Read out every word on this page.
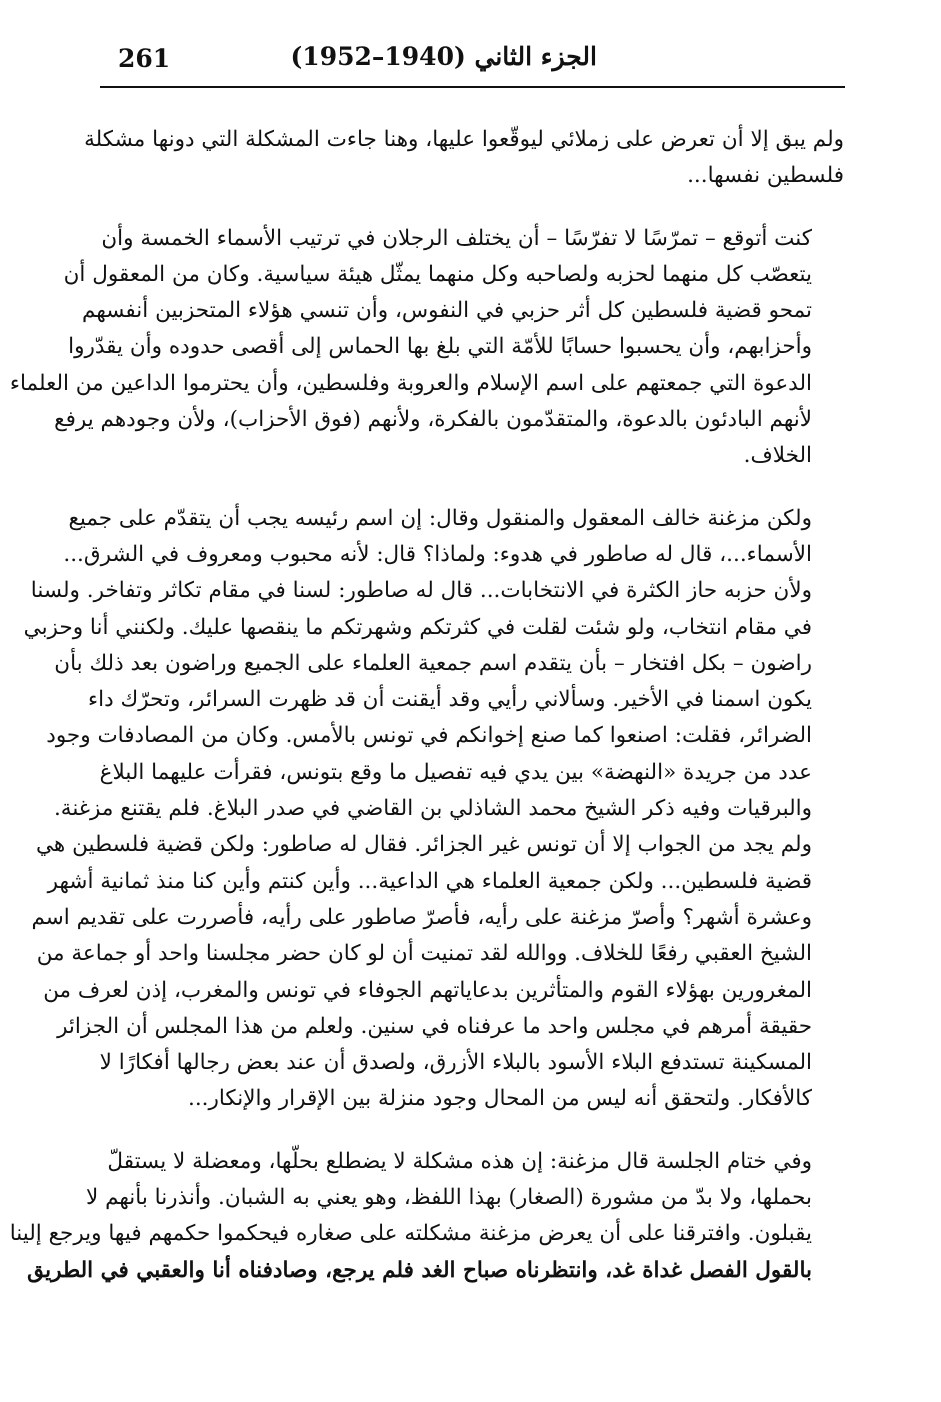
261	الجزء الثاني (1940–1952)

ولم يبق إلا أن تعرض على زملائي ليوقّعوا عليها، وهنا جاءت المشكلة التي دونها مشكلة
فلسطين نفسها...

كنت أتوقع – تمرّسًا لا تفرّسًا – أن يختلف الرجلان في ترتيب الأسماء الخمسة وأن
يتعصّب كل منهما لحزبه ولصاحبه وكل منهما يمثّل هيئة سياسية. وكان من المعقول أن
تمحو قضية فلسطين كل أثر حزبي في النفوس، وأن تنسي هؤلاء المتحزبين أنفسهم
وأحزابهم، وأن يحسبوا حسابًا للأمّة التي بلغ بها الحماس إلى أقصى حدوده وأن يقدّروا
الدعوة التي جمعتهم على اسم الإسلام والعروبة وفلسطين، وأن يحترموا الداعين من العلماء
لأنهم البادئون بالدعوة، والمتقدّمون بالفكرة، ولأنهم (فوق الأحزاب)، ولأن وجودهم يرفع
الخلاف.

ولكن مزغنة خالف المعقول والمنقول وقال: إن اسم رئيسه يجب أن يتقدّم على جميع
الأسماء...، قال له صاطور في هدوء: ولماذا؟ قال: لأنه محبوب ومعروف في الشرق...
ولأن حزبه حاز الكثرة في الانتخابات... قال له صاطور: لسنا في مقام تكاثر وتفاخر. ولسنا
في مقام انتخاب، ولو شئت لقلت في كثرتكم وشهرتكم ما ينقصها عليك. ولكنني أنا وحزبي
راضون – بكل افتخار – بأن يتقدم اسم جمعية العلماء على الجميع وراضون بعد ذلك بأن
يكون اسمنا في الأخير. وسألاني رأيي وقد أيقنت أن قد ظهرت السرائر، وتحرّك داء
الضرائر، فقلت: اصنعوا كما صنع إخوانكم في تونس بالأمس. وكان من المصادفات وجود
عدد من جريدة «النهضة» بين يدي فيه تفصيل ما وقع بتونس، فقرأت عليهما البلاغ
والبرقيات وفيه ذكر الشيخ محمد الشاذلي بن القاضي في صدر البلاغ. فلم يقتنع مزغنة.
ولم يجد من الجواب إلا أن تونس غير الجزائر. فقال له صاطور: ولكن قضية فلسطين هي
قضية فلسطين... ولكن جمعية العلماء هي الداعية... وأين كنتم وأين كنا منذ ثمانية أشهر
وعشرة أشهر؟ وأصرّ مزغنة على رأيه، فأصرّ صاطور على رأيه، فأصررت على تقديم اسم
الشيخ العقبي رفعًا للخلاف. ووالله لقد تمنيت أن لو كان حضر مجلسنا واحد أو جماعة من
المغرورين بهؤلاء القوم والمتأثرين بدعاياتهم الجوفاء في تونس والمغرب، إذن لعرف من
حقيقة أمرهم في مجلس واحد ما عرفناه في سنين. ولعلم من هذا المجلس أن الجزائر
المسكينة تستدفع البلاء الأسود بالبلاء الأزرق، ولصدق أن عند بعض رجالها أفكارًا لا
كالأفكار. ولتحقق أنه ليس من المحال وجود منزلة بين الإقرار والإنكار...

وفي ختام الجلسة قال مزغنة: إن هذه مشكلة لا يضطلع بحلّها، ومعضلة لا يستقلّ
بحملها، ولا بدّ من مشورة (الصغار) بهذا اللفظ، وهو يعني به الشبان. وأنذرنا بأنهم لا
يقبلون. وافترقنا على أن يعرض مزغنة مشكلته على صغاره فيحكموا حكمهم فيها ويرجع إلينا
بالقول الفصل غداة غد، وانتظرناه صباح الغد فلم يرجع، وصادفناه أنا والعقبي في الطريق
